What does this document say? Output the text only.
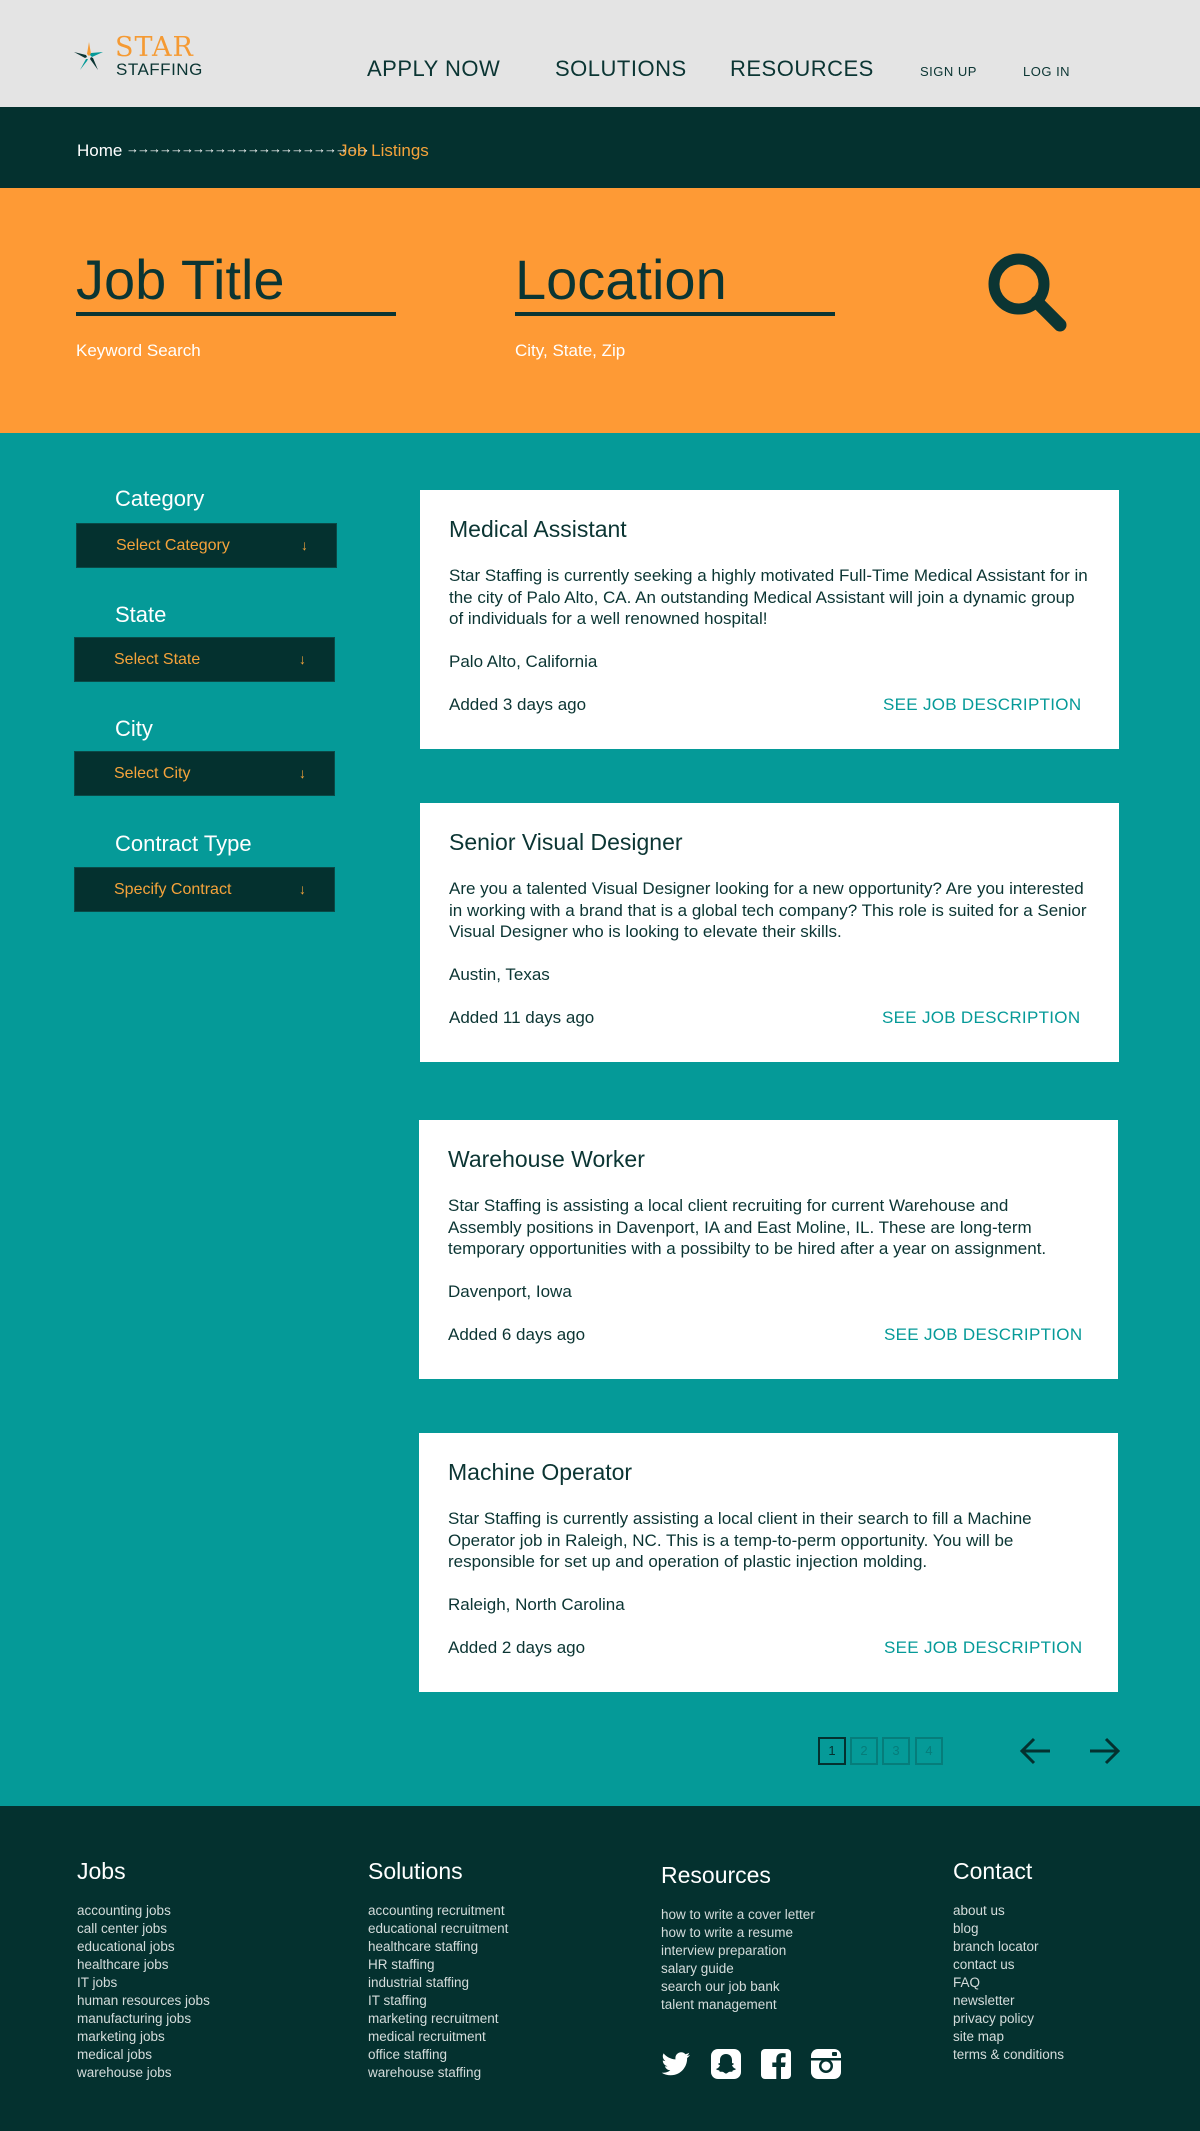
STAR
STAFFING	APPLY NOW SOLUTIONS RESOURCES	SIGN UP	LOG IN
Home →→→→→→→→→→→→→→→→→→→→→→
Job Listings
Job Title
Keyword Search
Location	City, State, Zip
Category
Select Category	↓
State
Select State	↓
City
Select City	↓
Contract Type
Specify Contract	↓
Medical Assistant
Star Staffing is currently seeking a highly motivated Full-Time Medical Assistant for in the city of Palo Alto, CA. An outstanding Medical Assistant will join a dynamic group of individuals for a well renowned hospital!
Palo Alto, California
Added 3 days ago	SEE JOB DESCRIPTION
Senior Visual Designer
Are you a talented Visual Designer looking for a new opportunity? Are you interested in working with a brand that is a global tech company? This role is suited for a Senior Visual Designer who is looking to elevate their skills.
Austin, Texas
Added 11 days ago	SEE JOB DESCRIPTION
Warehouse Worker
Star Staffing is assisting a local client recruiting for current Warehouse and Assembly positions in Davenport, IA and East Moline, IL. These are long-term temporary opportunities with a possibilty to be hired after a year on assignment.
Davenport, Iowa
Added 6 days ago	SEE JOB DESCRIPTION
Machine Operator
Star Staffing is currently assisting a local client in their search to fill a Machine Operator job in Raleigh, NC. This is a temp-to-perm opportunity. You will be responsible for set up and operation of plastic injection molding.
Raleigh, North Carolina
Added 2 days ago	SEE JOB DESCRIPTION
1	2	3	4
Jobs
accounting jobs
call center jobs
educational jobs
healthcare jobs
IT jobs
human resources jobs
manufacturing jobs
marketing jobs
medical jobs
warehouse jobs
Solutions
accounting recruitment
educational recruitment
healthcare staffing
HR staffing
industrial staffing
IT staffing
marketing recruitment
medical recruitment
office staffing
warehouse staffing
Resources
how to write a cover letter
how to write a resume
interview preparation
salary guide
search our job bank
talent management
Contact
about us
blog
branch locator
contact us
FAQ
newsletter
privacy policy
site map
terms & conditions
